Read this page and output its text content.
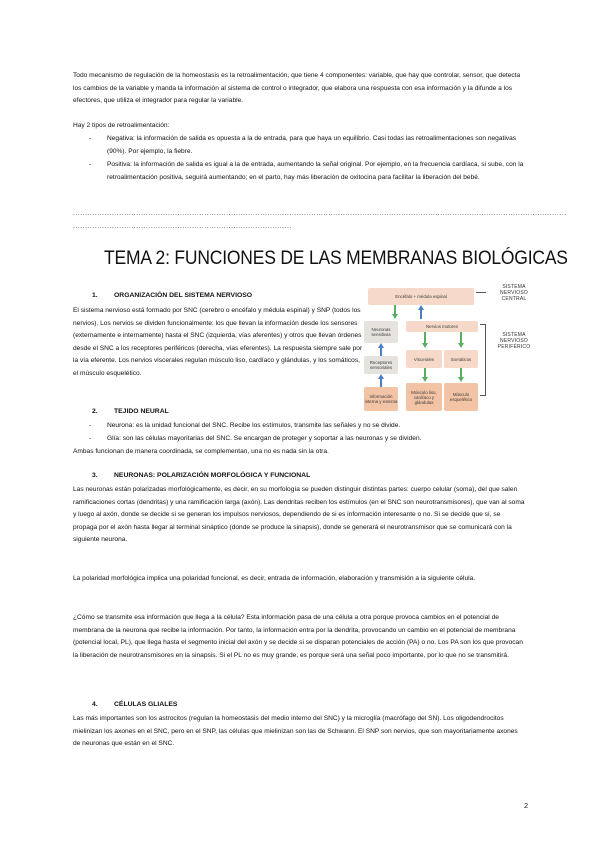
Todo mecanismo de regulación de la homeostasis es la retroalimentación, que tiene 4 componentes: variable, que hay que controlar, sensor, que detecta los cambios de la variable y manda la información al sistema de control o integrador, que elabora una respuesta con esa información y la difunde a los efectores, que utiliza el integrador para regular la variable.
Hay 2 tipos de retroalimentación:
- Negativa: la información de salida es opuesta a la de entrada, para que haya un equilibrio. Casi todas las retroalimentaciones son negativas (90%). Por ejemplo, la fiebre.
- Positiva: la información de salida es igual a la de entrada, aumentando la señal original. Por ejemplo, en la frecuencia cardíaca, si sube, con la retroalimentación positiva, seguirá aumentando; en el parto, hay más liberación de oxitocina para facilitar la liberación del bebé.
...........................................................................................................................................................................................................
..........................................................................................
TEMA 2: FUNCIONES DE LAS MEMBRANAS BIOLÓGICAS
1. ORGANIZACIÓN DEL SISTEMA NERVIOSO
El sistema nervioso está formado por SNC (cerebro o encéfalo y médula espinal) y SNP (todos los nervios). Los nervios se dividen funcionalmente: los que llevan la información desde los sensores (externamente e internamente) hasta el SNC (izquierda, vías aferentes) y otros que llevan órdenes desde el SNC a los receptores periféricos (derecha, vías eferentes). La respuesta siempre sale por la vía eferente. Los nervios viscerales regulan músculo liso, cardíaco y glándulas, y los somáticos, el músculo esquelético.
Encéfalo + médula espinal
Neuronas sensitivas
Nervios motores
Viscerales	Somáticos
Receptores sensoriales
Información interna y externa
Músculo liso, cardíaco y glándulas
Músculo esquelético
SISTEMA NERVIOSO CENTRAL
SISTEMA NERVIOSO PERIFÉRICO
2. TEJIDO NEURAL
- Neurona: es la unidad funcional del SNC. Recibe los estímulos, transmite las señales y no se divide.
- Glía: son las células mayoritarias del SNC. Se encargan de proteger y soportar a las neuronas y se dividen.
Ambas funcionan de manera coordinada, se complementan, una no es nada sin la otra.
3. NEURONAS: POLARIZACIÓN MORFOLÓGICA Y FUNCIONAL
Las neuronas están polarizadas morfológicamente, es decir, en su morfología se pueden distinguir distintas partes: cuerpo celular (soma), del que salen ramificaciones cortas (dendritas) y una ramificación larga (axón). Las dendritas reciben los estímulos (en el SNC son neurotransmisores), que van al soma y luego al axón, donde se decide si se generan los impulsos nerviosos, dependiendo de si es información interesante o no. Si se decide que sí, se propaga por el axón hasta llegar al terminal sináptico (donde se produce la sinapsis), donde se generará el neurotransmisor que se comunicará con la siguiente neurona.
La polaridad morfológica implica una polaridad funcional, es decir, entrada de información, elaboración y transmisión a la siguiente célula.
¿Cómo se transmite esa información que llega a la célula? Esta información pasa de una célula a otra porque provoca cambios en el potencial de membrana de la neurona que recibe la información. Por tanto, la información entra por la dendrita, provocando un cambio en el potencial de membrana (potencial local, PL), que llega hasta el segmento inicial del axón y se decide si se disparan potenciales de acción (PA) o no. Los PA son los que provocan la liberación de neurotransmisores en la sinapsis. Si el PL no es muy grande, es porque será una señal poco importante, por lo que no se transmitirá.
4. CÉLULAS GLIALES
Las más importantes son los astrocitos (regulan la homeostasis del medio interno del SNC) y la microglía (macrófago del SN). Los oligodendrocitos mielinizan los axones en el SNC, pero en el SNP, las células que mielinizan son las de Schwann. El SNP son nervios, que son mayoritariamente axones de neuronas que están en el SNC.
2
